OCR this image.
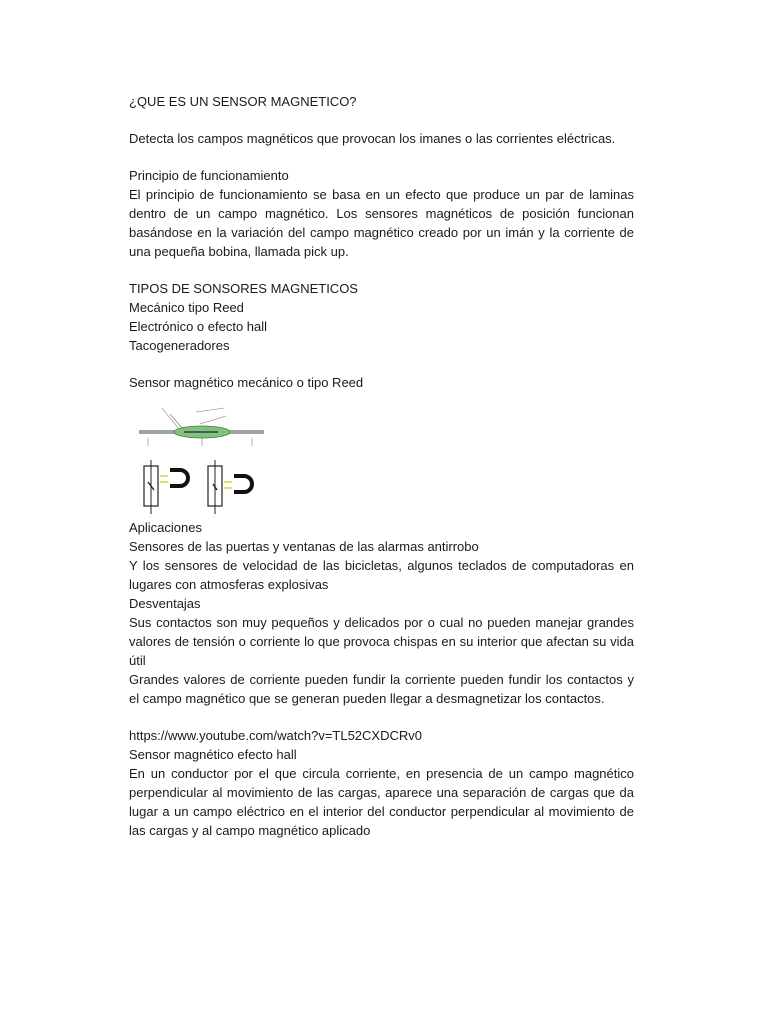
¿QUE ES UN SENSOR MAGNETICO?

Detecta los campos magnéticos que provocan los imanes o las corrientes eléctricas.

Principio de funcionamiento

El principio de funcionamiento se basa en un efecto que produce un par de laminas dentro de un campo magnético. Los sensores magnéticos de posición funcionan basándose en la variación del campo magnético creado por un imán y la corriente de una pequeña bobina, llamada pick up.

TIPOS DE SONSORES MAGNETICOS

Mecánico tipo Reed

Electrónico o efecto hall

Tacogeneradores

Sensor magnético mecánico o tipo Reed

Aplicaciones

Sensores de las puertas y ventanas de las alarmas antirrobo

Y los sensores de velocidad de las bicicletas, algunos teclados de computadoras en lugares con atmosferas explosivas

Desventajas

Sus contactos son muy pequeños y delicados por o cual no pueden manejar grandes valores de tensión o corriente lo que provoca chispas en su interior que afectan su vida útil

Grandes valores de corriente pueden fundir la corriente pueden fundir los contactos y el campo magnético que se generan pueden llegar a desmagnetizar los contactos.

https://www.youtube.com/watch?v=TL52CXDCRv0

Sensor magnético efecto hall

En un conductor por el que circula corriente, en presencia de un campo magnético perpendicular al movimiento de las cargas, aparece una separación de cargas que da lugar a un campo eléctrico en el interior del conductor perpendicular al movimiento de las cargas y al campo magnético aplicado
